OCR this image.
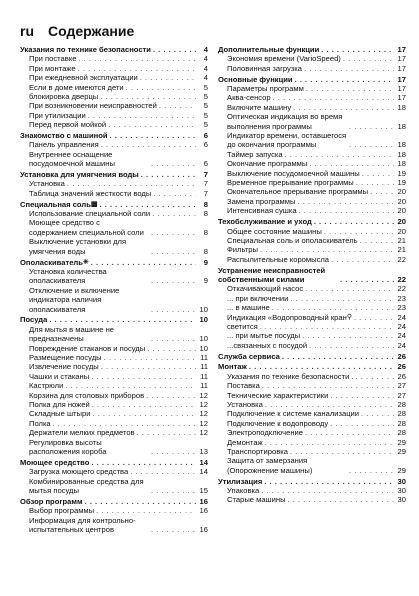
ru	Содержание
Указания по технике безопасности . . .	4
При поставке . . .	4
При монтаже . . .	4
При ежедневной эксплуатации . . .	4
Если в доме имеются дети . . .	5
блокировка дверцы . . .	5
При возникновении неисправностей . . .	5
При утилизации . . .	5
Перед первой мойкой . . .	5
Знакомство с машиной . . .	6
Панель управления . . .	6
Внутреннее оснащение посудомоечной машины . . .	6
Установка для умягчения воды . . .	7
Установка . . .	7
Таблица значений жесткости воды . . .	7
Специальная соль ▩ . . .	8
Использование специальной соли . . .	8
Моющее средство с содержанием специальной соли . . .	8
Выключение установки для умягчения воды . . .	8
Ополаскиватель ✳ . . .	9
Установка количества ополаскивателя . . .	9
Отключение и включение индикатора наличия ополаскивателя . . .	10
Посуда . . .	10
Для мытья в машине не предназначены . . .	10
Повреждение стаканов и посуды . . .	10
Размещение посуды . . .	11
Извлечение посуды . . .	11
Чашки и стаканы . . .	11
Кастрюли . . .	11
Корзина для столовых приборов . . .	12
Полка для ножей . . .	12
Складные штыри . . .	12
Полка . . .	12
Держатели мелких предметов . . .	12
Регулировка высоты расположения короба . . .	13
Моющее средство . . .	14
Загрузка моющего средства . . .	14
Комбинированные средства для мытья посуды . . .	15
Обзор программ . . .	16
Выбор программы . . .	16
Информация для контрольно-испытательных центров . . .	16
Дополнительные функции . . .	17
Экономия времени (VarioSpeed) . . .	17
Половинная загрузка . . .	17
Основные функции . . .	17
Параметры программ . . .	17
Аква-сенсор . . .	17
Включите машину . . .	18
Оптическая индикация во время выполнения программы . . .	18
Индикатор времени, оставшегося до окончания программы . . .	18
Таймер запуска . . .	18
Окончание программы . . .	18
Выключение посудомоечной машины . . .	19
Временное прерывание программы . . .	19
Окончательное прерывание программы . . .	20
Замена программы . . .	20
Интенсивная сушка . . .	20
Техобслуживание и уход . . .	20
Общее состояние машины . . .	20
Специальная соль и ополаскиватель . . .	21
Фильтры . . .	21
Распылительные коромысла . . .	22
Устранение неисправностей собственными силами . . .	22
Откачивающий насос . . .	22
... при включении . . .	23
... в машине . . .	23
Индикация «Водопроводный кран ⚲ . . .	24
светится . . . .	24
... при мытье посуды . . .	24
...связанных с посудой . . .	24
Служба сервиса . . .	26
Монтаж . . .	26
Указания по технике безопасности . . . .	26
Поставка . . .	27
Технические характеристики . . .	27
Установка . . .	28
Подключение к системе канализации . . .	28
Подключение к водопроводу . . .	28
Электроподключение . . .	28
Демонтаж . . .	29
Транспортировка . . .	29
Защита от замерзания (Опорожнение машины) . . .	29
Утилизация . . .	30
Упаковка . . .	30
Старые машины . . .	30
